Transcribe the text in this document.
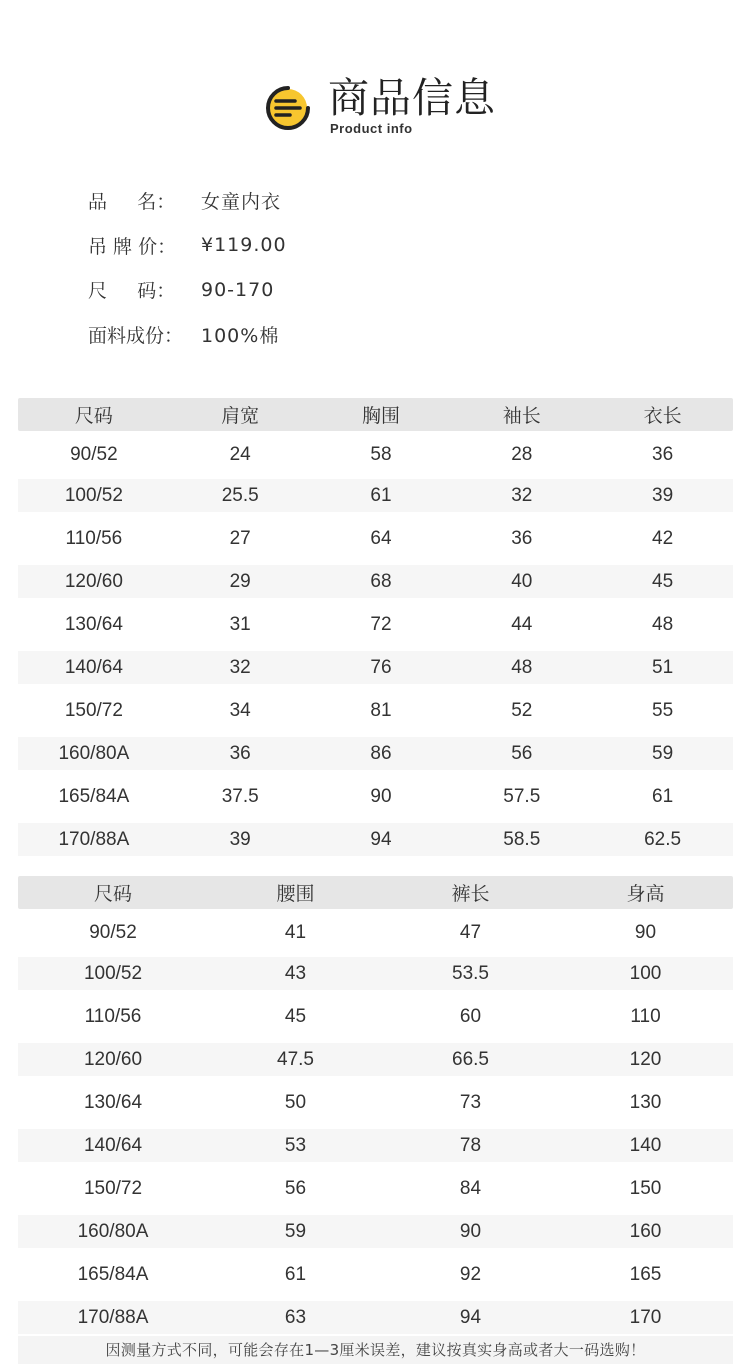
商品信息
Product info
品     名：	女童内衣
吊 牌 价：	¥119.00
尺     码：	90-170
面料成份： 100%棉
尺码	肩宽	胸围	袖长	衣长
90/52	24	58	28	36
100/52	25.5	61	32	39
110/56	27	64	36	42
120/60	29	68	40	45
130/64	31	72	44	48
140/64	32	76	48	51
150/72	34	81	52	55
160/80A	36	86	56	59
165/84A	37.5	90	57.5	61
170/88A	39	94	58.5	62.5
尺码	腰围	裤长	身高
90/52	41	47	90
100/52	43	53.5	100
110/56	45	60	110
120/60	47.5	66.5	120
130/64	50	73	130
140/64	53	78	140
150/72	56	84	150
160/80A	59	90	160
165/84A	61	92	165
170/88A	63	94	170
因测量方式不同，可能会存在1—3厘米误差，建议按真实身高或者大一码选购！
